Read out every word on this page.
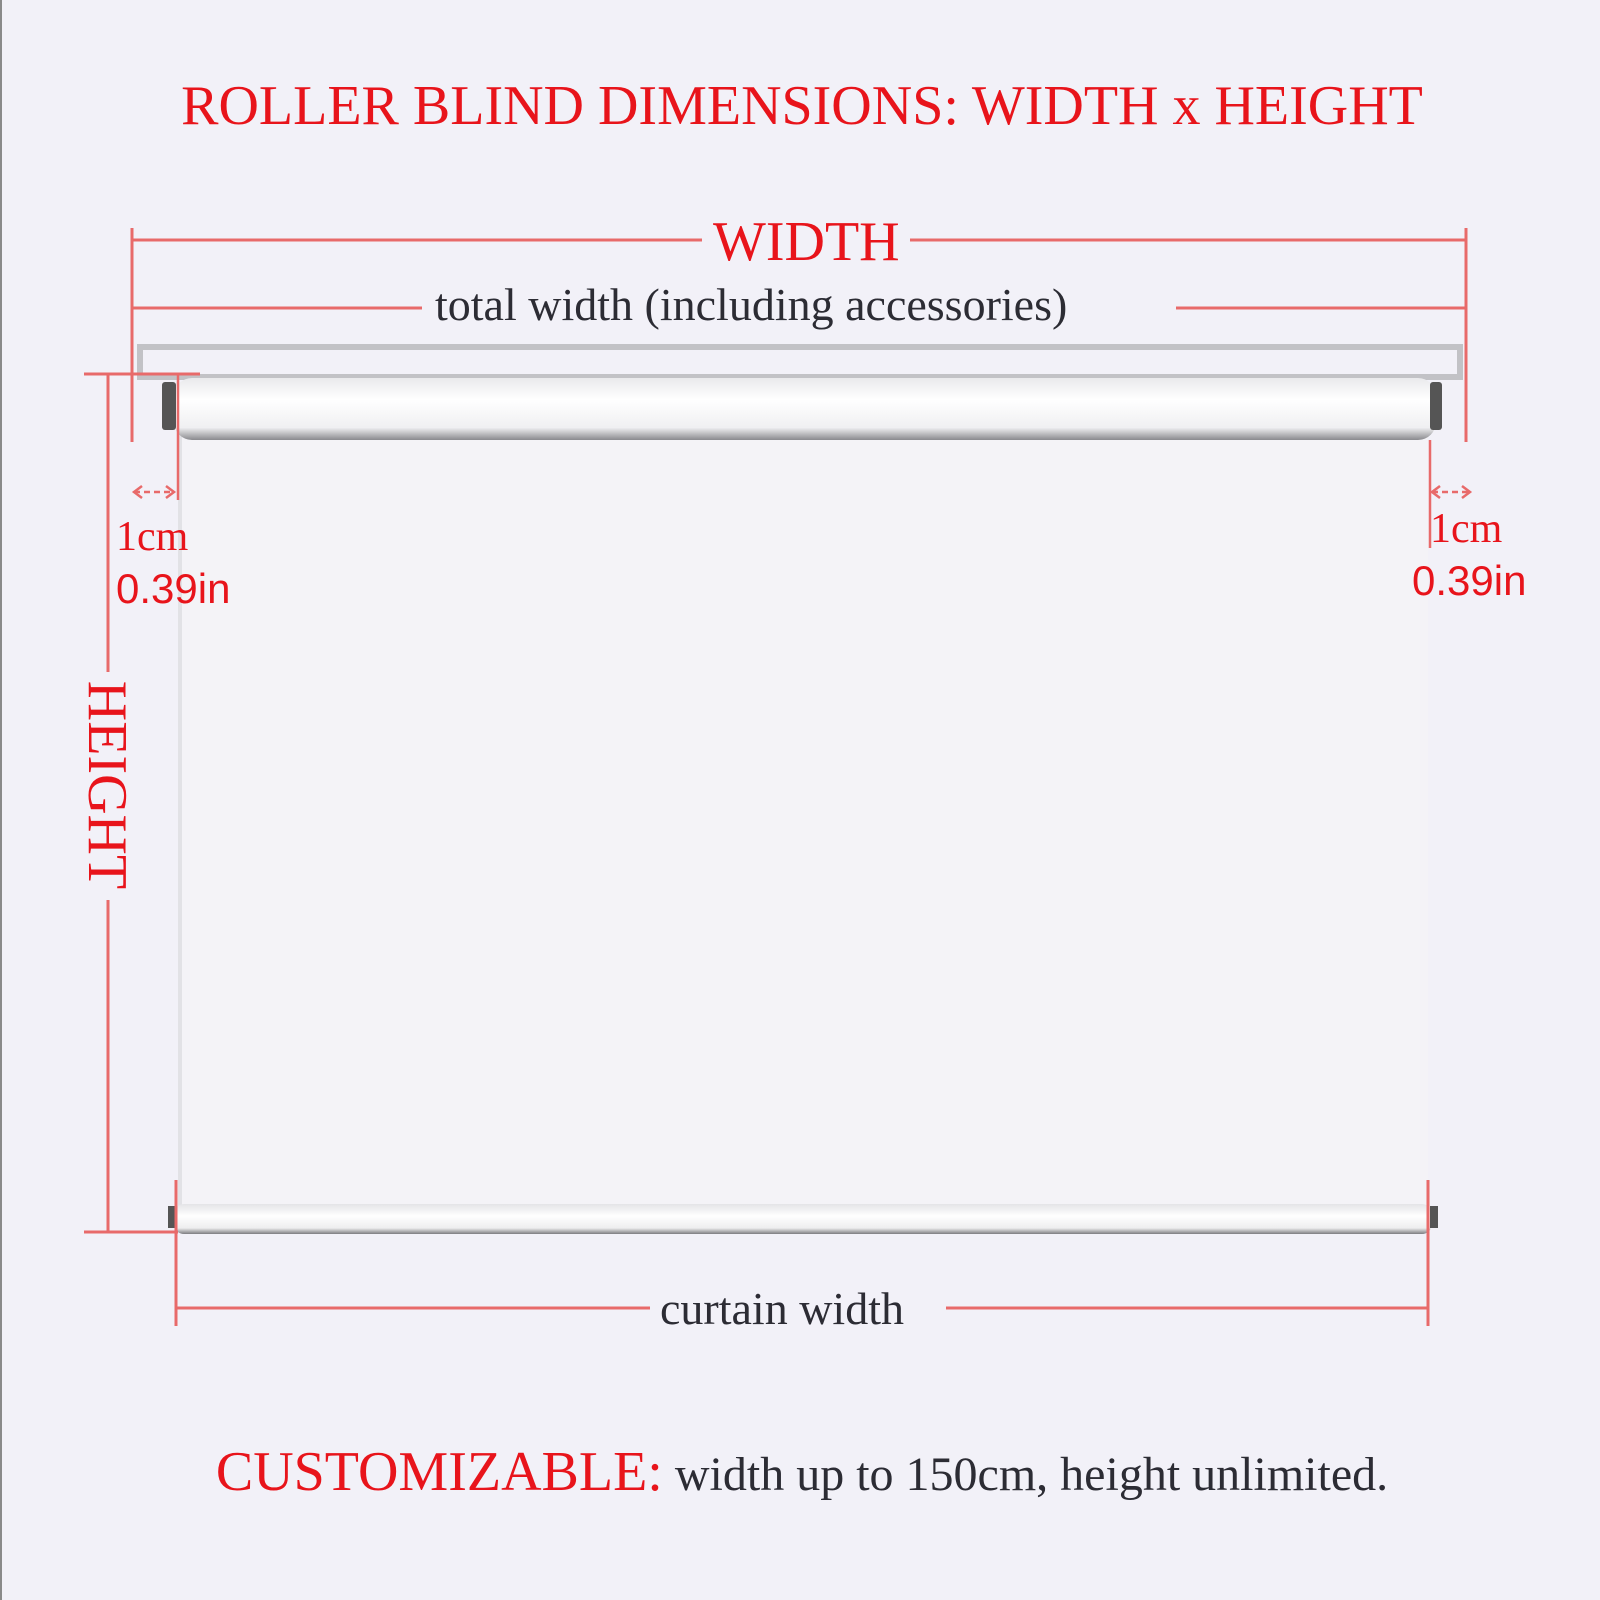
ROLLER BLIND DIMENSIONS: WIDTH x HEIGHT
WIDTH
total width (including accessories)
HEIGHT
1cm
0.39in
1cm
0.39in
curtain width
CUSTOMIZABLE: width up to 150cm, height unlimited.
